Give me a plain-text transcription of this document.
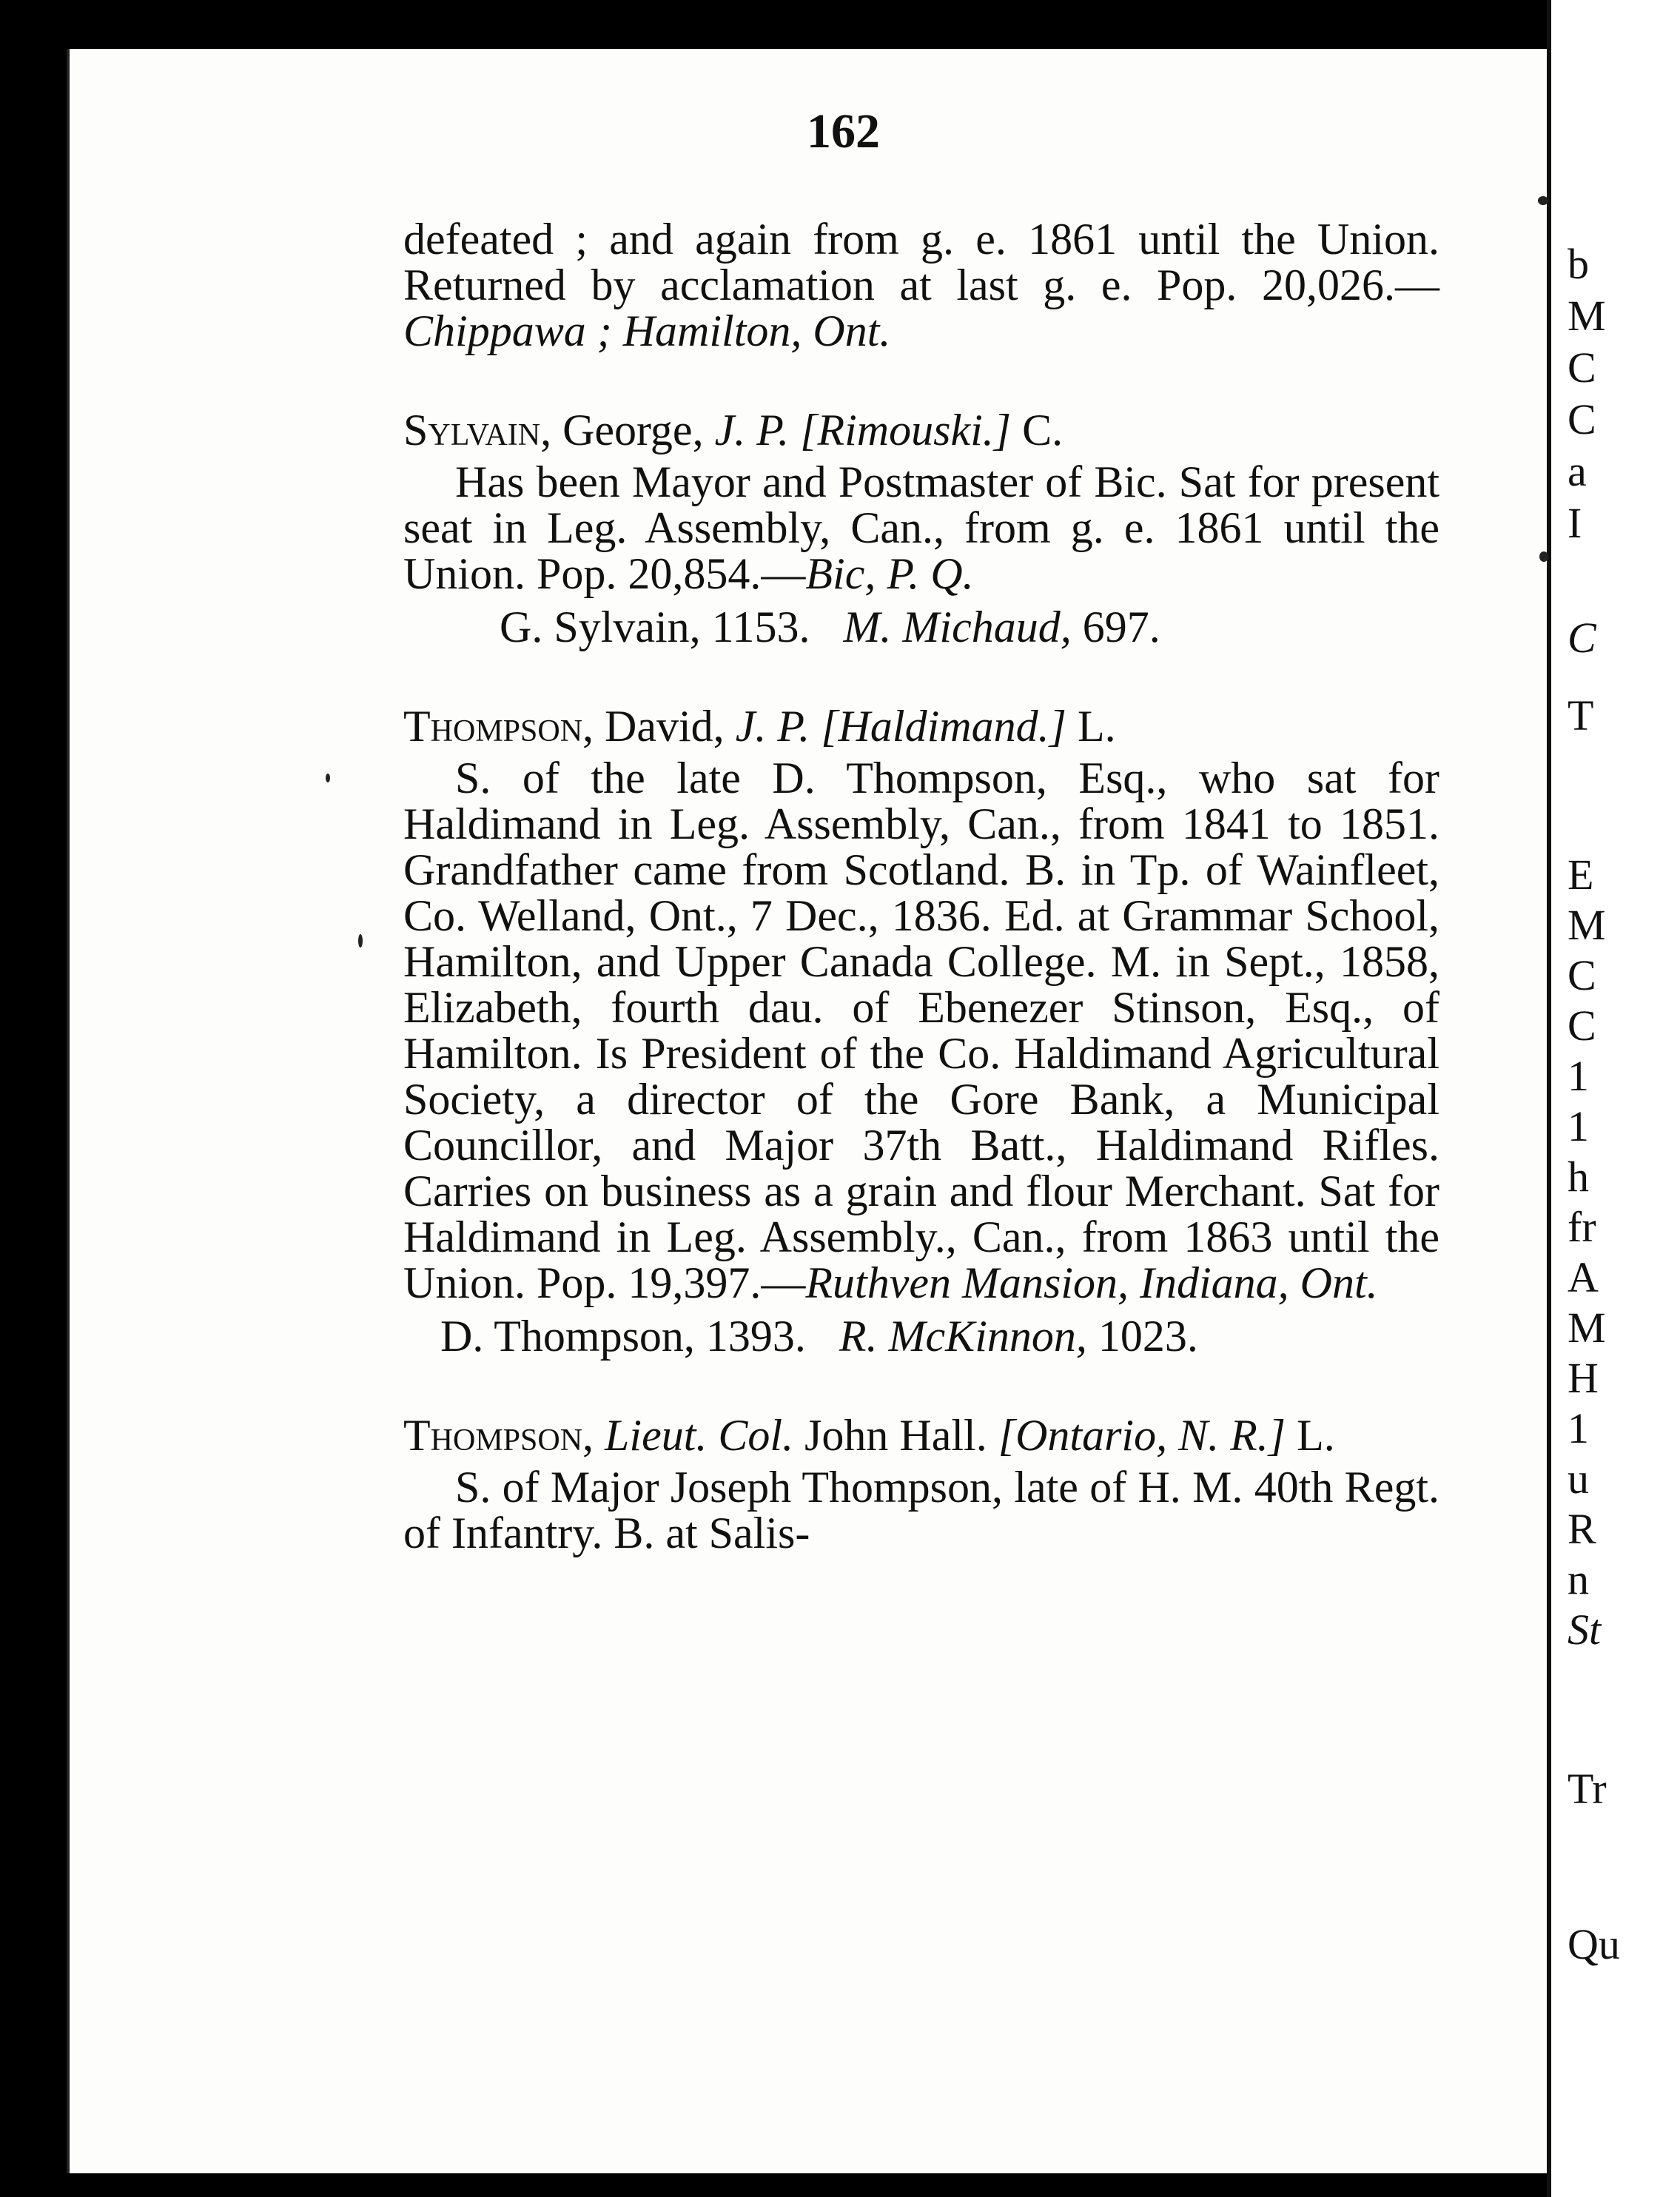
b
M
C
C
a
I
C
T
E
M
C
C
1
1
h
fr
A
M
H
1
u
R
n
St
Tr
Qu
162

defeated ; and again from g. e. 1861 until the Union. Returned by acclamation at last g. e. Pop. 20,026.—Chippawa ; Hamilton, Ont.

Sylvain, George, J. P. [Rimouski.] C.

Has been Mayor and Postmaster of Bic. Sat for present seat in Leg. Assembly, Can., from g. e. 1861 until the Union. Pop. 20,854.—Bic, P. Q.

G. Sylvain, 1153. M. Michaud, 697.

Thompson, David, J. P. [Haldimand.] L.

S. of the late D. Thompson, Esq., who sat for Haldimand in Leg. Assembly, Can., from 1841 to 1851. Grandfather came from Scotland. B. in Tp. of Wainfleet, Co. Welland, Ont., 7 Dec., 1836. Ed. at Grammar School, Hamilton, and Upper Canada College. M. in Sept., 1858, Elizabeth, fourth dau. of Ebenezer Stinson, Esq., of Hamilton. Is President of the Co. Haldimand Agricultural Society, a director of the Gore Bank, a Municipal Councillor, and Major 37th Batt., Haldimand Rifles. Carries on business as a grain and flour Merchant. Sat for Haldimand in Leg. Assembly., Can., from 1863 until the Union. Pop. 19,397.—Ruthven Mansion, Indiana, Ont.

D. Thompson, 1393. R. McKinnon, 1023.

Thompson, Lieut. Col. John Hall. [Ontario, N. R.] L.

S. of Major Joseph Thompson, late of H. M. 40th Regt. of Infantry. B. at Salis-
